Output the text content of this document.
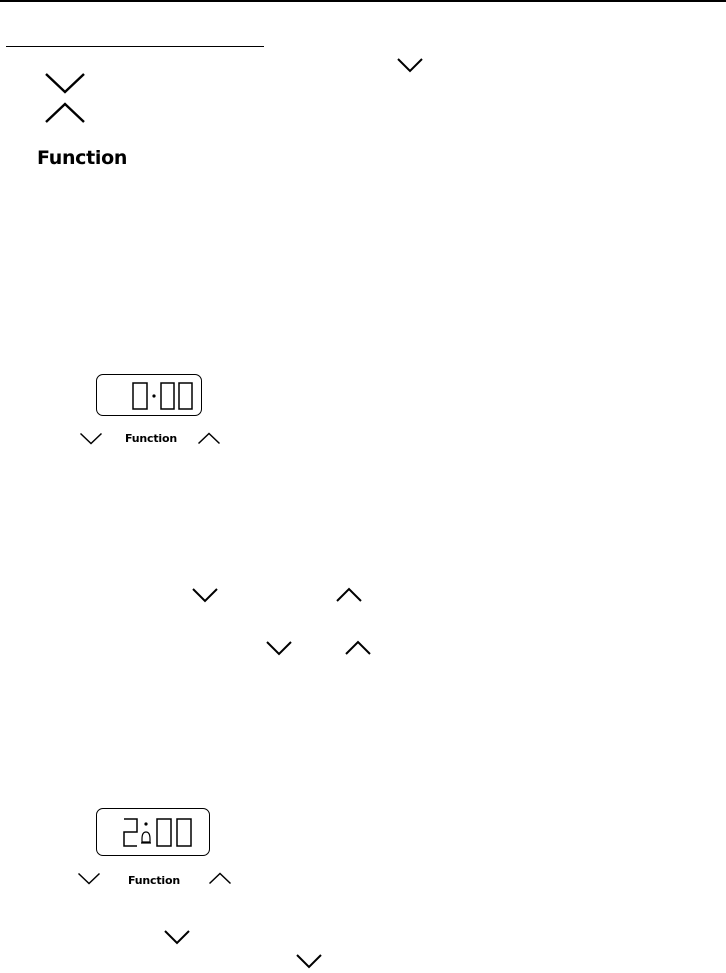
Function
Function
Function
